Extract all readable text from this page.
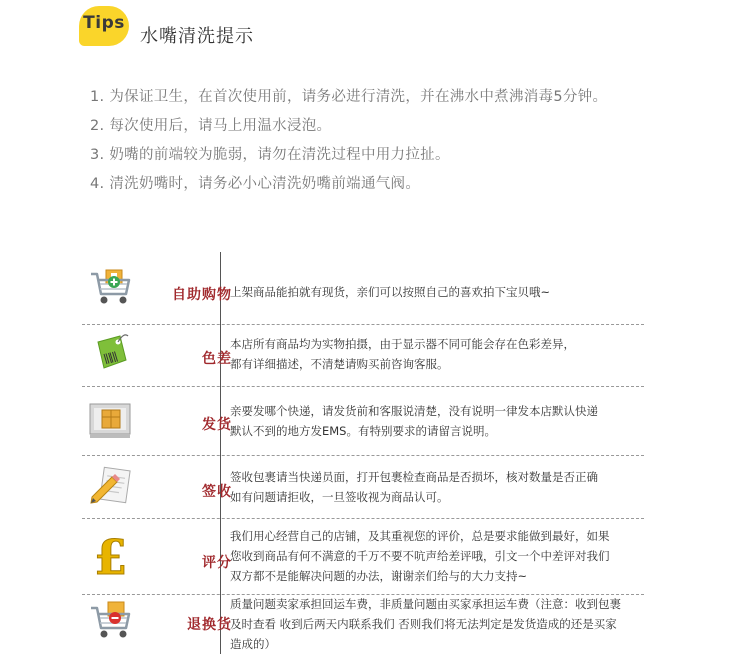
Tips
水嘴清洗提示
1. 为保证卫生，在首次使用前，请务必进行清洗，并在沸水中煮沸消毒5分钟。
2. 每次使用后，请马上用温水浸泡。
3. 奶嘴的前端较为脆弱，请勿在清洗过程中用力拉扯。
4. 清洗奶嘴时，请务必小心清洗奶嘴前端通气阀。
自助购物
上架商品能拍就有现货，亲们可以按照自己的喜欢拍下宝贝哦~
色差
本店所有商品均为实物拍摄，由于显示器不同可能会存在色彩差异，
都有详细描述，不清楚请购买前咨询客服。
发货
亲要发哪个快递，请发货前和客服说清楚，没有说明一律发本店默认快递
默认不到的地方发EMS。有特别要求的请留言说明。
签收
签收包裹请当快递员面，打开包裹检查商品是否损坏，核对数量是否正确
如有问题请拒收，一旦签收视为商品认可。
£	评分
我们用心经营自己的店铺，及其重视您的评价，总是要求能做到最好，如果
您收到商品有何不满意的千万不要不吭声给差评哦，引文一个中差评对我们
双方都不是能解决问题的办法，谢谢亲们给与的大力支持~
退换货
质量问题卖家承担回运车费，非质量问题由买家承担运车费（注意：收到包裹
及时查看 收到后两天内联系我们 否则我们将无法判定是发货造成的还是买家
造成的）
